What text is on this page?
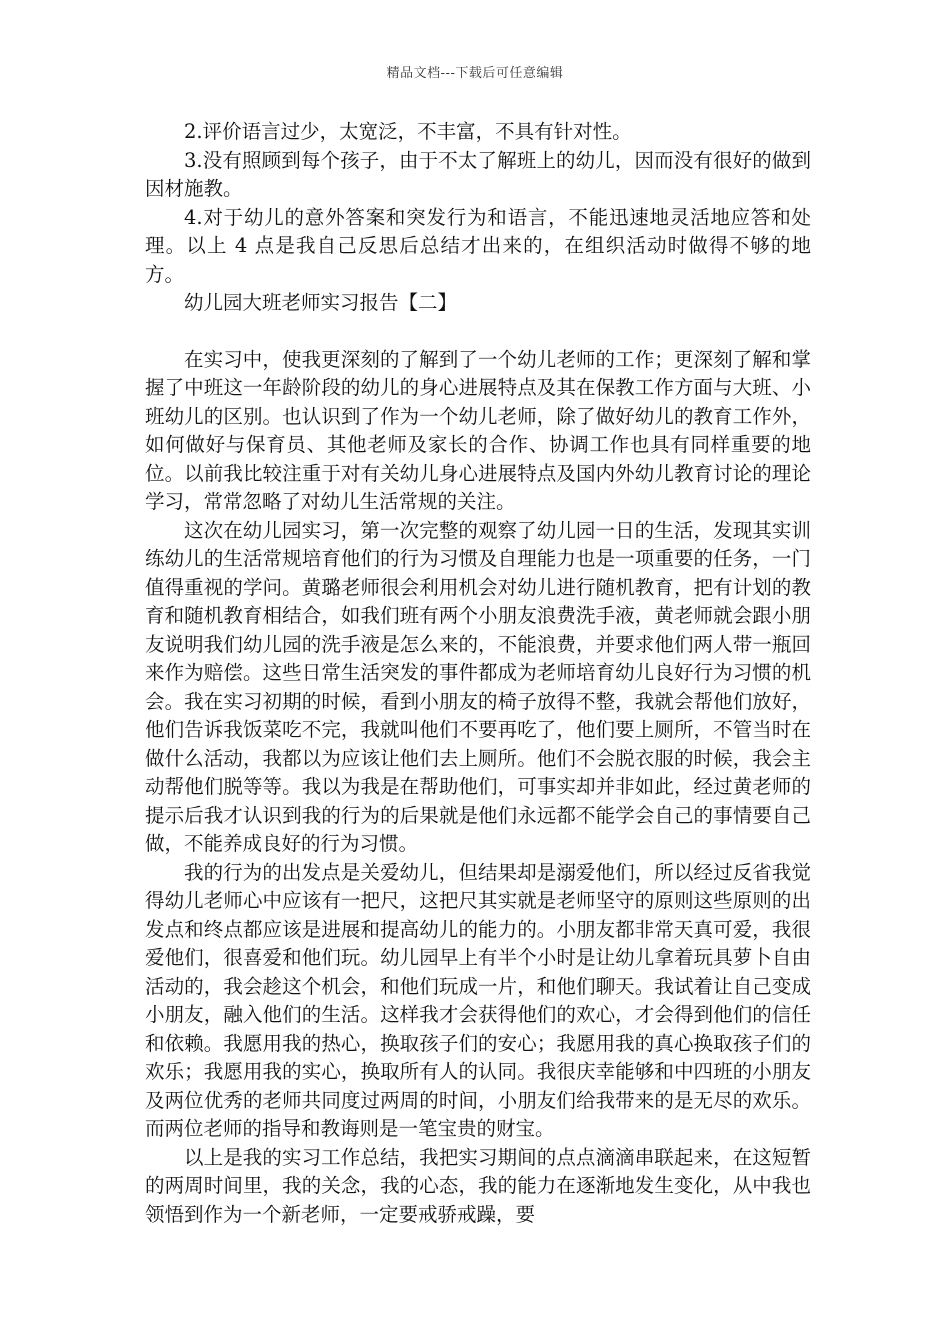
精品文档---下载后可任意编辑

2.评价语言过少，太宽泛，不丰富，不具有针对性。

3.没有照顾到每个孩子，由于不太了解班上的幼儿，因而没有很好的做到因材施教。

4.对于幼儿的意外答案和突发行为和语言，不能迅速地灵活地应答和处理。以上 4 点是我自己反思后总结才出来的，在组织活动时做得不够的地方。

幼儿园大班老师实习报告【二】

在实习中，使我更深刻的了解到了一个幼儿老师的工作；更深刻了解和掌握了中班这一年龄阶段的幼儿的身心进展特点及其在保教工作方面与大班、小班幼儿的区别。也认识到了作为一个幼儿老师，除了做好幼儿的教育工作外，如何做好与保育员、其他老师及家长的合作、协调工作也具有同样重要的地位。以前我比较注重于对有关幼儿身心进展特点及国内外幼儿教育讨论的理论学习，常常忽略了对幼儿生活常规的关注。

这次在幼儿园实习，第一次完整的观察了幼儿园一日的生活，发现其实训练幼儿的生活常规培育他们的行为习惯及自理能力也是一项重要的任务，一门值得重视的学问。黄璐老师很会利用机会对幼儿进行随机教育，把有计划的教育和随机教育相结合，如我们班有两个小朋友浪费洗手液，黄老师就会跟小朋友说明我们幼儿园的洗手液是怎么来的，不能浪费，并要求他们两人带一瓶回来作为赔偿。这些日常生活突发的事件都成为老师培育幼儿良好行为习惯的机会。我在实习初期的时候，看到小朋友的椅子放得不整，我就会帮他们放好，他们告诉我饭菜吃不完，我就叫他们不要再吃了，他们要上厕所，不管当时在做什么活动，我都以为应该让他们去上厕所。他们不会脱衣服的时候，我会主动帮他们脱等等。我以为我是在帮助他们，可事实却并非如此，经过黄老师的提示后我才认识到我的行为的后果就是他们永远都不能学会自己的事情要自己做，不能养成良好的行为习惯。

我的行为的出发点是关爱幼儿，但结果却是溺爱他们，所以经过反省我觉得幼儿老师心中应该有一把尺，这把尺其实就是老师坚守的原则这些原则的出发点和终点都应该是进展和提高幼儿的能力的。小朋友都非常天真可爱，我很爱他们，很喜爱和他们玩。幼儿园早上有半个小时是让幼儿拿着玩具萝卜自由活动的，我会趁这个机会，和他们玩成一片，和他们聊天。我试着让自己变成小朋友，融入他们的生活。这样我才会获得他们的欢心，才会得到他们的信任和依赖。我愿用我的热心，换取孩子们的安心；我愿用我的真心换取孩子们的欢乐；我愿用我的实心，换取所有人的认同。我很庆幸能够和中四班的小朋友及两位优秀的老师共同度过两周的时间，小朋友们给我带来的是无尽的欢乐。而两位老师的指导和教诲则是一笔宝贵的财宝。

以上是我的实习工作总结，我把实习期间的点点滴滴串联起来，在这短暂的两周时间里，我的关念，我的心态，我的能力在逐渐地发生变化，从中我也领悟到作为一个新老师，一定要戒骄戒躁，要
